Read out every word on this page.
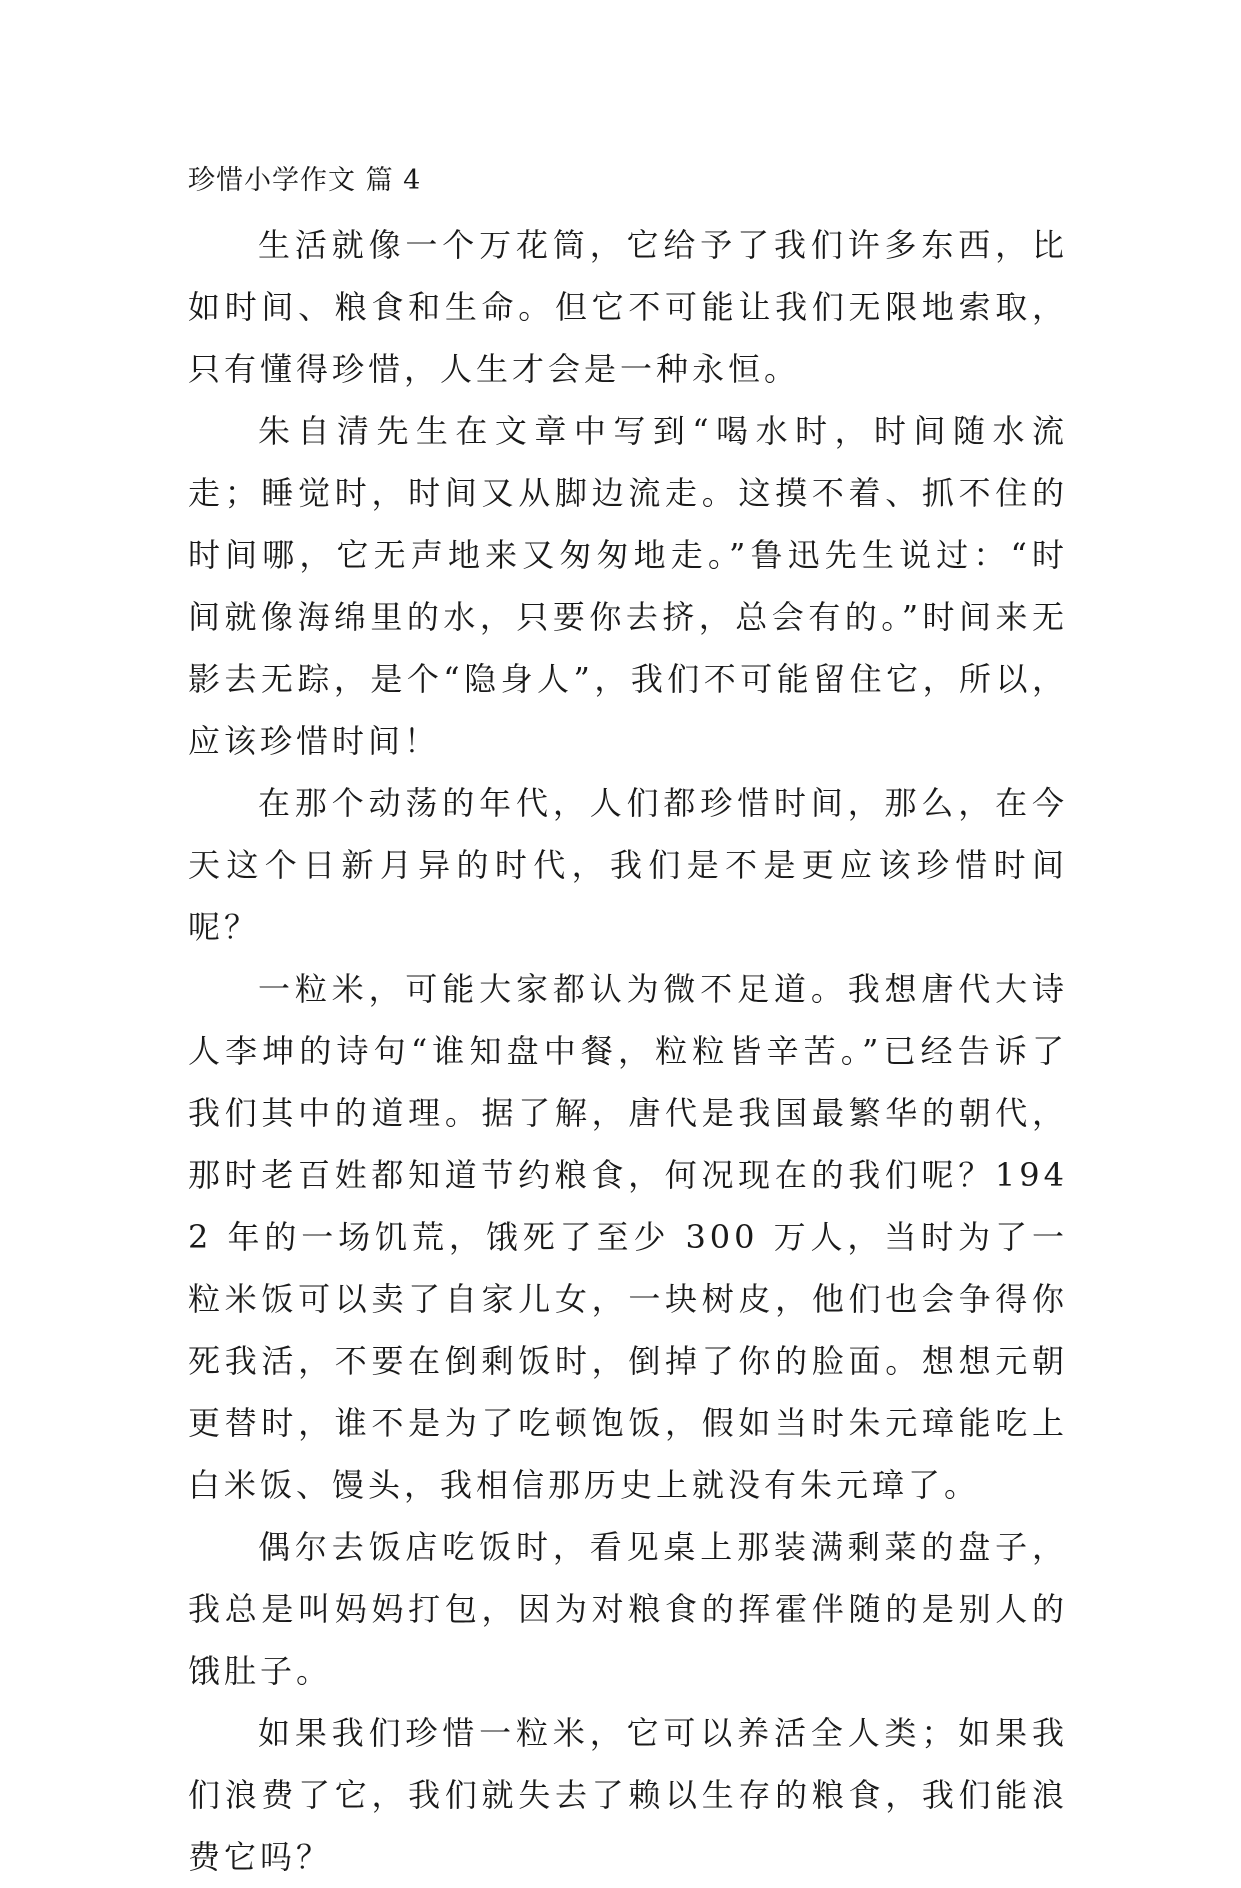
珍惜小学作文 篇 4

生活就像一个万花筒，它给予了我们许多东西，比如时间、粮食和生命。但它不可能让我们无限地索取，只有懂得珍惜，人生才会是一种永恒。

朱自清先生在文章中写到“喝水时，时间随水流走；睡觉时，时间又从脚边流走。这摸不着、抓不住的时间哪，它无声地来又匆匆地走。”鲁迅先生说过：“时间就像海绵里的水，只要你去挤，总会有的。”时间来无影去无踪，是个“隐身人”，我们不可能留住它，所以，应该珍惜时间！

在那个动荡的年代，人们都珍惜时间，那么，在今天这个日新月异的时代，我们是不是更应该珍惜时间呢？

一粒米，可能大家都认为微不足道。我想唐代大诗人李坤的诗句“谁知盘中餐，粒粒皆辛苦。”已经告诉了我们其中的道理。据了解，唐代是我国最繁华的朝代，那时老百姓都知道节约粮食，何况现在的我们呢？1942 年的一场饥荒，饿死了至少 300 万人，当时为了一粒米饭可以卖了自家儿女，一块树皮，他们也会争得你死我活，不要在倒剩饭时，倒掉了你的脸面。想想元朝更替时，谁不是为了吃顿饱饭，假如当时朱元璋能吃上白米饭、馒头，我相信那历史上就没有朱元璋了。

偶尔去饭店吃饭时，看见桌上那装满剩菜的盘子，我总是叫妈妈打包，因为对粮食的挥霍伴随的是别人的饿肚子。

如果我们珍惜一粒米，它可以养活全人类；如果我们浪费了它，我们就失去了赖以生存的粮食，我们能浪费它吗？
